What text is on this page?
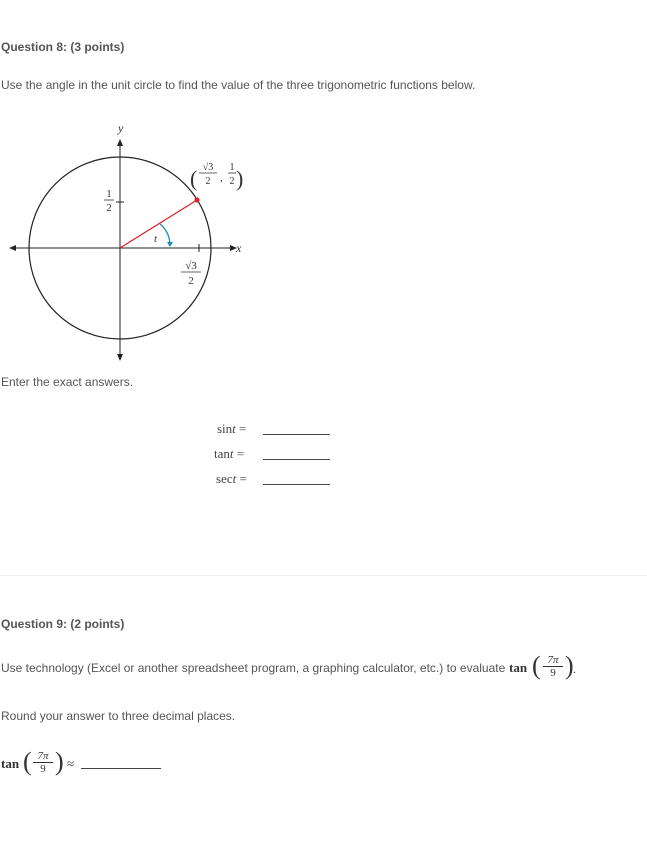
Question 8: (3 points)
Use the angle in the unit circle to find the value of the three trigonometric functions below.
y
x
t
1
2
√3
2
( √3
2 ,
1
2 )
Enter the exact answers.
sint =
tant =
sect =
Question 9: (2 points)
Use technology (Excel or another spreadsheet program, a graphing calculator, etc.) to evaluate tan ( 7π
9 ) .
Round your answer to three decimal places.
tan ( 7π
9 ) ≈
